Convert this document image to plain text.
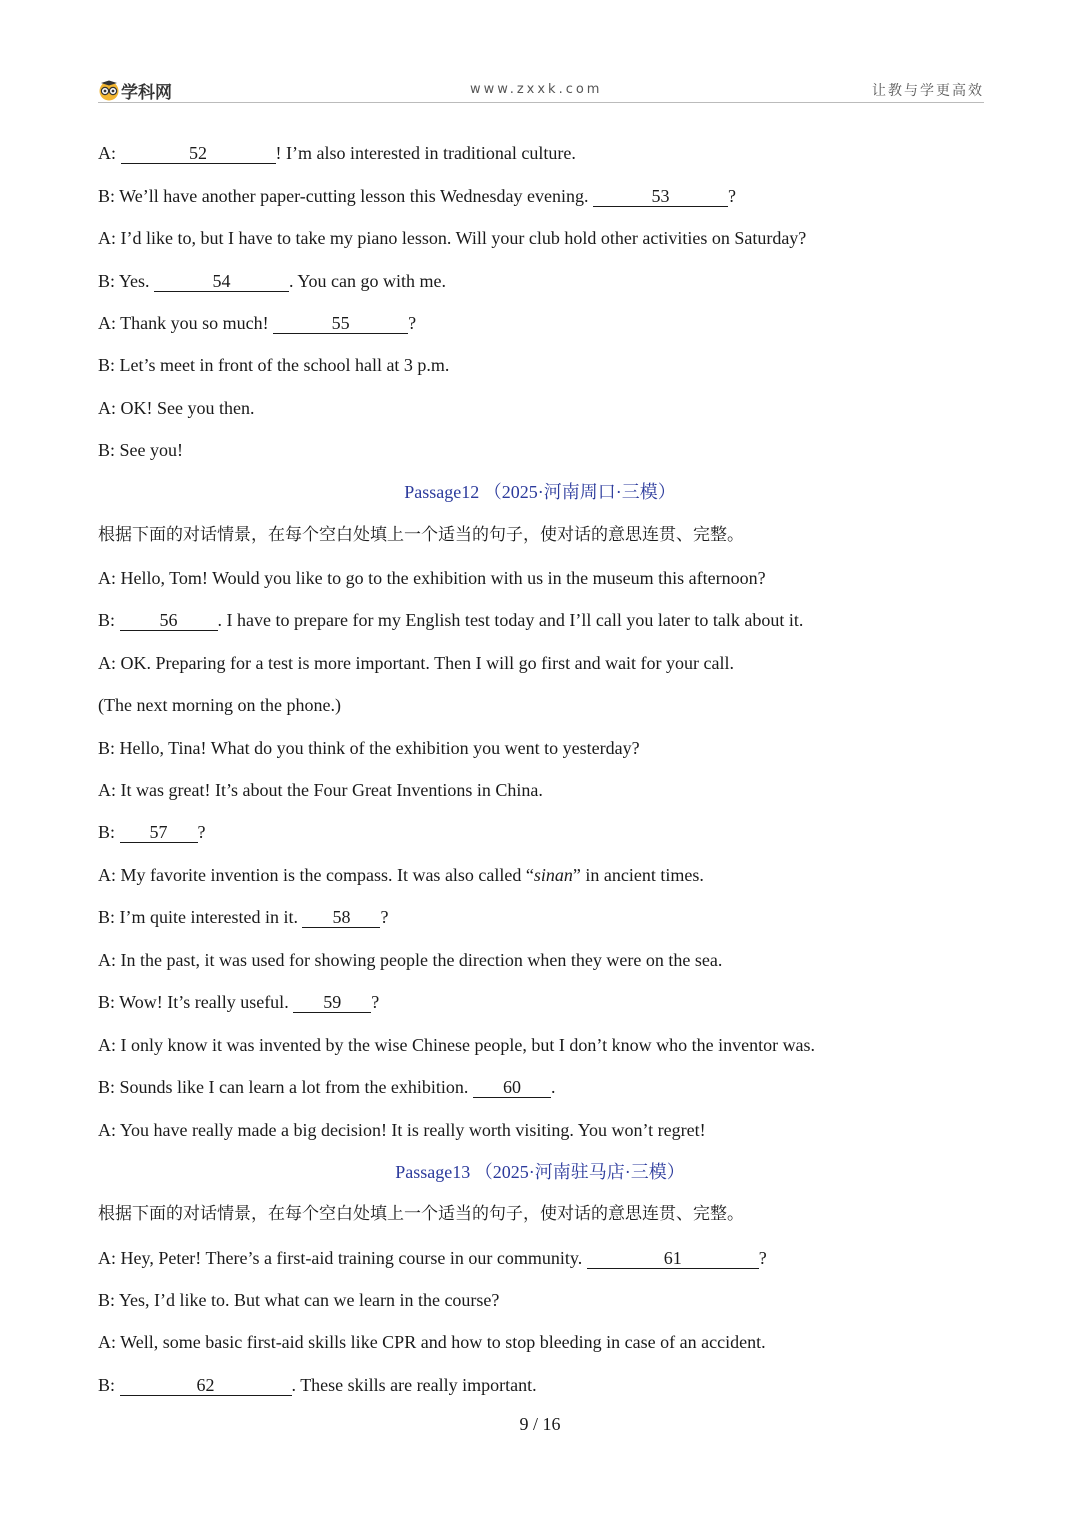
学科网	www.zxxk.com	让教与学更高效
A:	52	! I’m also interested in traditional culture.
B: We’ll have another paper-cutting lesson this Wednesday evening.	53	?
A: I’d like to, but I have to take my piano lesson. Will your club hold other activities on Saturday?
B: Yes.	54	. You can go with me.
A: Thank you so much!	55	?
B: Let’s meet in front of the school hall at 3 p.m.
A: OK! See you then.
B: See you!
Passage12 （2025·河南周口·三模）
根据下面的对话情景，在每个空白处填上一个适当的句子，使对话的意思连贯、完整。
A: Hello, Tom! Would you like to go to the exhibition with us in the museum this afternoon?
B: 56 . I have to prepare for my English test today and I’ll call you later to talk about it.
A: OK. Preparing for a test is more important. Then I will go first and wait for your call.
(The next morning on the phone.)
B: Hello, Tina! What do you think of the exhibition you went to yesterday?
A: It was great! It’s about the Four Great Inventions in China.
B: 57 ?
A: My favorite invention is the compass. It was also called “sinan” in ancient times.
B: I’m quite interested in it. 58 ?
A: In the past, it was used for showing people the direction when they were on the sea.
B: Wow! It’s really useful. 59 ?
A: I only know it was invented by the wise Chinese people, but I don’t know who the inventor was.
B: Sounds like I can learn a lot from the exhibition. 60 .
A: You have really made a big decision! It is really worth visiting. You won’t regret!
Passage13 （2025·河南驻马店·三模）
根据下面的对话情景，在每个空白处填上一个适当的句子，使对话的意思连贯、完整。
A: Hey, Peter! There’s a first-aid training course in our community.	61	?
B: Yes, I’d like to. But what can we learn in the course?
A: Well, some basic first-aid skills like CPR and how to stop bleeding in case of an accident.
B:	62	. These skills are really important.
9 / 16
